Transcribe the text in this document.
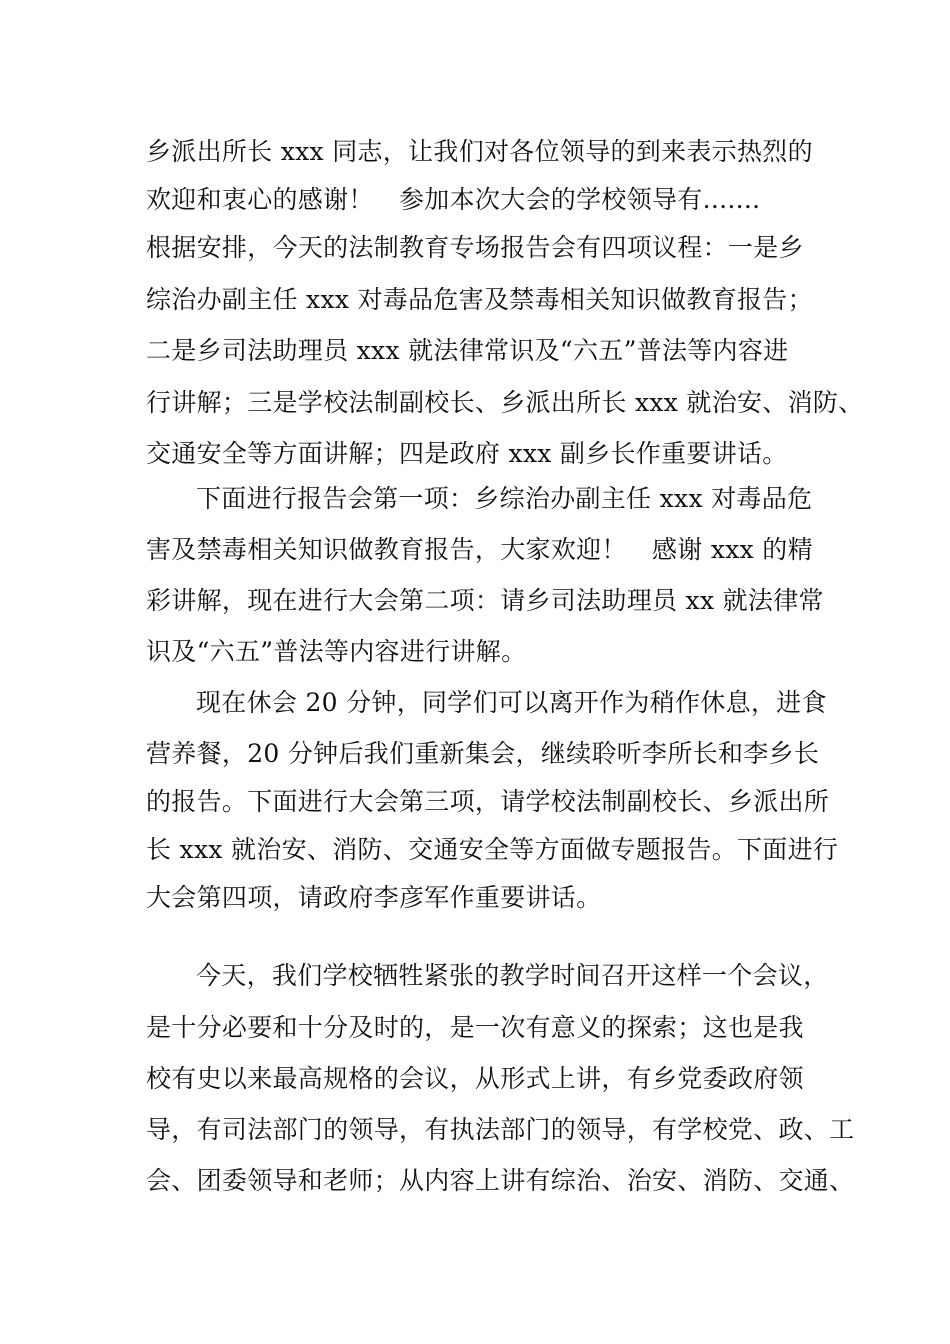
乡派出所长 xxx 同志，让我们对各位领导的到来表示热烈的
欢迎和衷心的感谢！　参加本次大会的学校领导有.......
根据安排，今天的法制教育专场报告会有四项议程：一是乡
综治办副主任 xxx 对毒品危害及禁毒相关知识做教育报告；
二是乡司法助理员 xxx 就法律常识及“六五”普法等内容进
行讲解；三是学校法制副校长、乡派出所长 xxx 就治安、消防、
交通安全等方面讲解；四是政府 xxx 副乡长作重要讲话。
下面进行报告会第一项：乡综治办副主任 xxx 对毒品危
害及禁毒相关知识做教育报告，大家欢迎！　感谢 xxx 的精
彩讲解，现在进行大会第二项：请乡司法助理员 xx 就法律常
识及“六五”普法等内容进行讲解。
现在休会 20 分钟，同学们可以离开作为稍作休息，进食
营养餐，20 分钟后我们重新集会，继续聆听李所长和李乡长
的报告。下面进行大会第三项，请学校法制副校长、乡派出所
长 xxx 就治安、消防、交通安全等方面做专题报告。下面进行
大会第四项，请政府李彦军作重要讲话。
今天，我们学校牺牲紧张的教学时间召开这样一个会议，
是十分必要和十分及时的，是一次有意义的探索；这也是我
校有史以来最高规格的会议，从形式上讲，有乡党委政府领
导，有司法部门的领导，有执法部门的领导，有学校党、政、工
会、团委领导和老师；从内容上讲有综治、治安、消防、交通、
